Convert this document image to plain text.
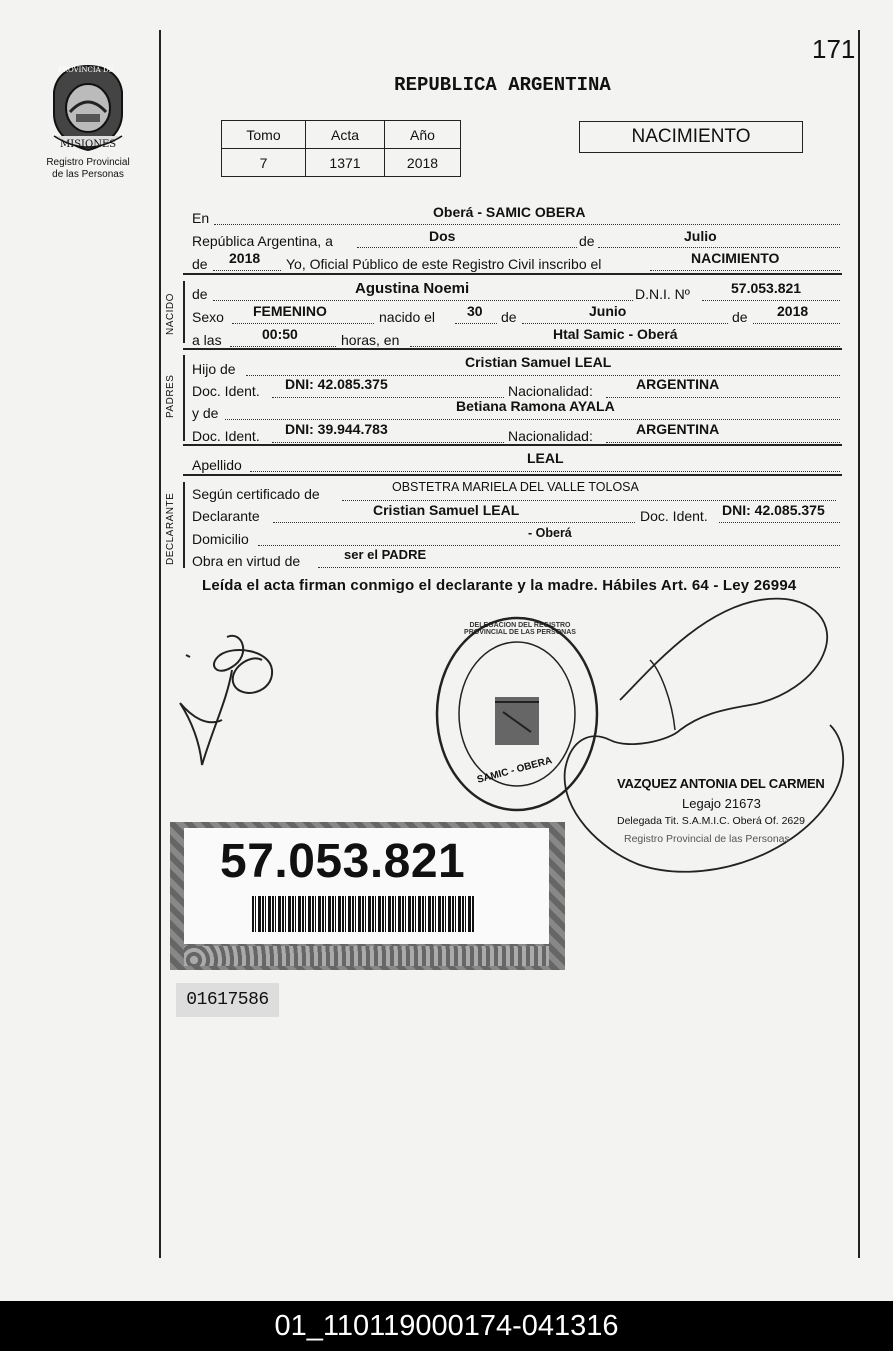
171
PROVINCIA DE
MISIONES
Registro Provincial
de las Personas
REPUBLICA ARGENTINA
Tomo	Acta	Año
7	1371	2018
NACIMIENTO
En	Oberá - SAMIC OBERA
República Argentina, a	Dos	de	Julio
de 2018 Yo, Oficial Público de este Registro Civil inscribo el	NACIMIENTO
NACIDO de	Agustina Noemi	D.N.I. Nº	57.053.821
Sexo FEMENINO	nacido el 30 de	Junio	de 2018
a las	00:50	horas, en	Htal Samic - Oberá
PADRES
Hijo de	Cristian Samuel LEAL
Doc. Ident. DNI: 42.085.375	Nacionalidad:	ARGENTINA
y de	Betiana Ramona AYALA
Doc. Ident. DNI: 39.944.783	Nacionalidad:	ARGENTINA
Apellido	LEAL
DECLARANTE Según certificado de	OBSTETRA MARIELA DEL VALLE TOLOSA
Declarante	Cristian Samuel LEAL	Doc. Ident. DNI: 42.085.375
Domicilio	- Oberá
Obra en virtud de	ser el PADRE
Leída el acta firman conmigo el declarante y la madre. Hábiles Art. 64 - Ley 26994
DELEGACION DEL REGISTRO PROVINCIAL DE LAS PERSONAS
SAMIC - OBERA	VAZQUEZ ANTONIA DEL CARMEN
Legajo 21673
Delegada Tit. S.A.M.I.C. Oberá Of. 2629
Registro Provincial de las Personas
57.053.821
01617586
01_110119000174-041316
